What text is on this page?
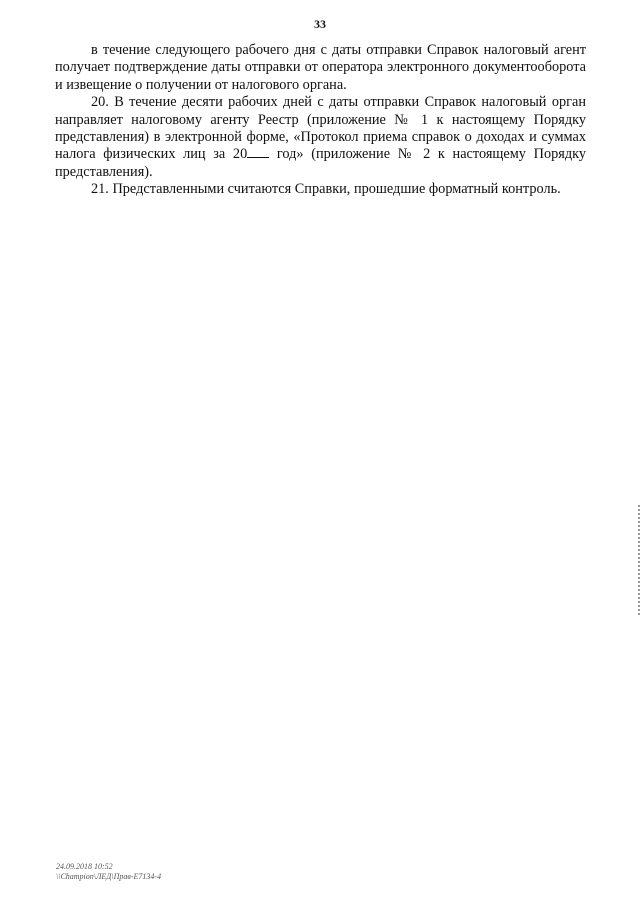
33

в течение следующего рабочего дня с даты отправки Справок налоговый агент получает подтверждение даты отправки от оператора электронного документооборота и извещение о получении от налогового органа.

20. В течение десяти рабочих дней с даты отправки Справок налоговый орган направляет налоговому агенту Реестр (приложение № 1 к настоящему Порядку представления) в электронной форме, «Протокол приема справок о доходах и суммах налога физических лиц за 20 год» (приложение № 2 к настоящему Порядку представления).

21. Представленными считаются Справки, прошедшие форматный контроль.

24.09.2018 10:52
\\Champion\ЛЕД\Прав-E7134-4
